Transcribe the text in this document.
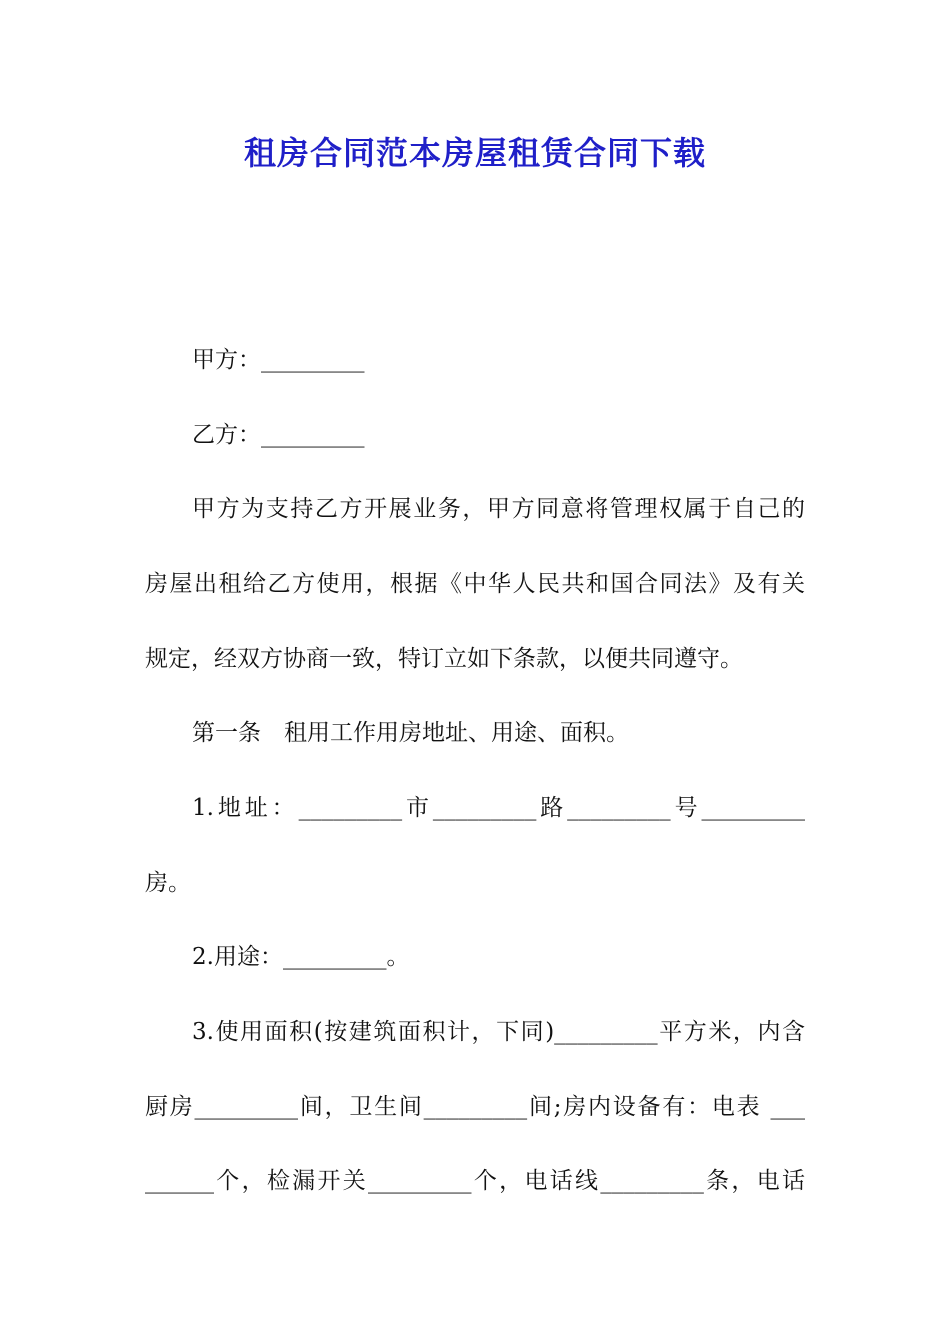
租房合同范本房屋租赁合同下载

甲方：_________

乙方：_________

甲方为支持乙方开展业务，甲方同意将管理权属于自己的

房屋出租给乙方使用，根据《中华人民共和国合同法》及有关

规定，经双方协商一致，特订立如下条款，以便共同遵守。

第一条　租用工作用房地址、用途、面积。

1.地址：_________市_________路_________号_________

房。

2.用途：_________。

3.使用面积(按建筑面积计，下同)_________平方米，内含

厨房_________间，卫生间_________间;房内设备有：电表 ___

______个，检漏开关_________个，电话线_________条，电话
